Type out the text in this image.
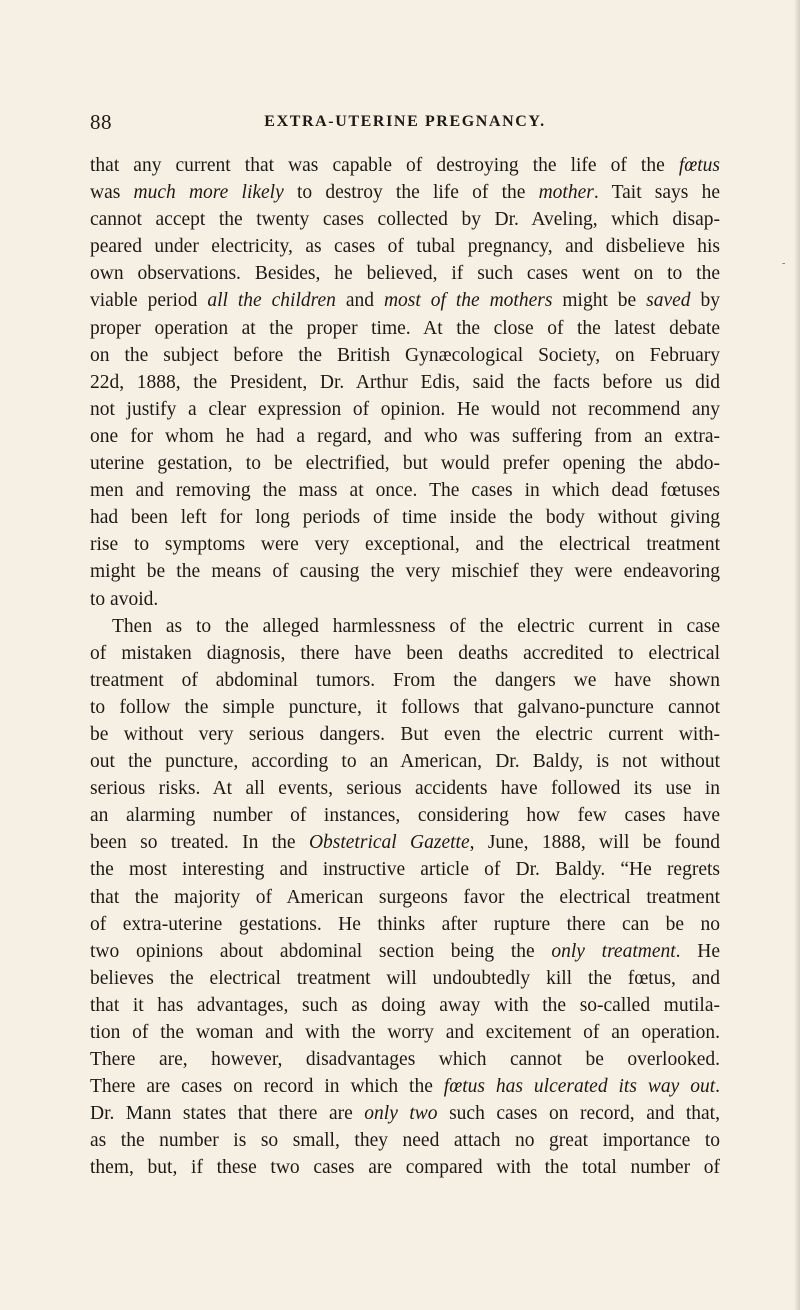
88	EXTRA-UTERINE PREGNANCY.
that any current that was capable of destroying the life of the fœtus
was much more likely to destroy the life of the mother. Tait says he
cannot accept the twenty cases collected by Dr. Aveling, which disap-
peared under electricity, as cases of tubal pregnancy, and disbelieve his
own observations. Besides, he believed, if such cases went on to the
viable period all the children and most of the mothers might be saved by
proper operation at the proper time. At the close of the latest debate
on the subject before the British Gynæcological Society, on February
22d, 1888, the President, Dr. Arthur Edis, said the facts before us did
not justify a clear expression of opinion. He would not recommend any
one for whom he had a regard, and who was suffering from an extra-
uterine gestation, to be electrified, but would prefer opening the abdo-
men and removing the mass at once. The cases in which dead fœtuses
had been left for long periods of time inside the body without giving
rise to symptoms were very exceptional, and the electrical treatment
might be the means of causing the very mischief they were endeavoring
to avoid.
Then as to the alleged harmlessness of the electric current in case
of mistaken diagnosis, there have been deaths accredited to electrical
treatment of abdominal tumors. From the dangers we have shown
to follow the simple puncture, it follows that galvano-puncture cannot
be without very serious dangers. But even the electric current with-
out the puncture, according to an American, Dr. Baldy, is not without
serious risks. At all events, serious accidents have followed its use in
an alarming number of instances, considering how few cases have
been so treated. In the Obstetrical Gazette, June, 1888, will be found
the most interesting and instructive article of Dr. Baldy. “He regrets
that the majority of American surgeons favor the electrical treatment
of extra-uterine gestations. He thinks after rupture there can be no
two opinions about abdominal section being the only treatment. He
believes the electrical treatment will undoubtedly kill the fœtus, and
that it has advantages, such as doing away with the so-called mutila-
tion of the woman and with the worry and excitement of an operation.
There are, however, disadvantages which cannot be overlooked.
There are cases on record in which the fœtus has ulcerated its way out.
Dr. Mann states that there are only two such cases on record, and that,
as the number is so small, they need attach no great importance to
them, but, if these two cases are compared with the total number of
-
